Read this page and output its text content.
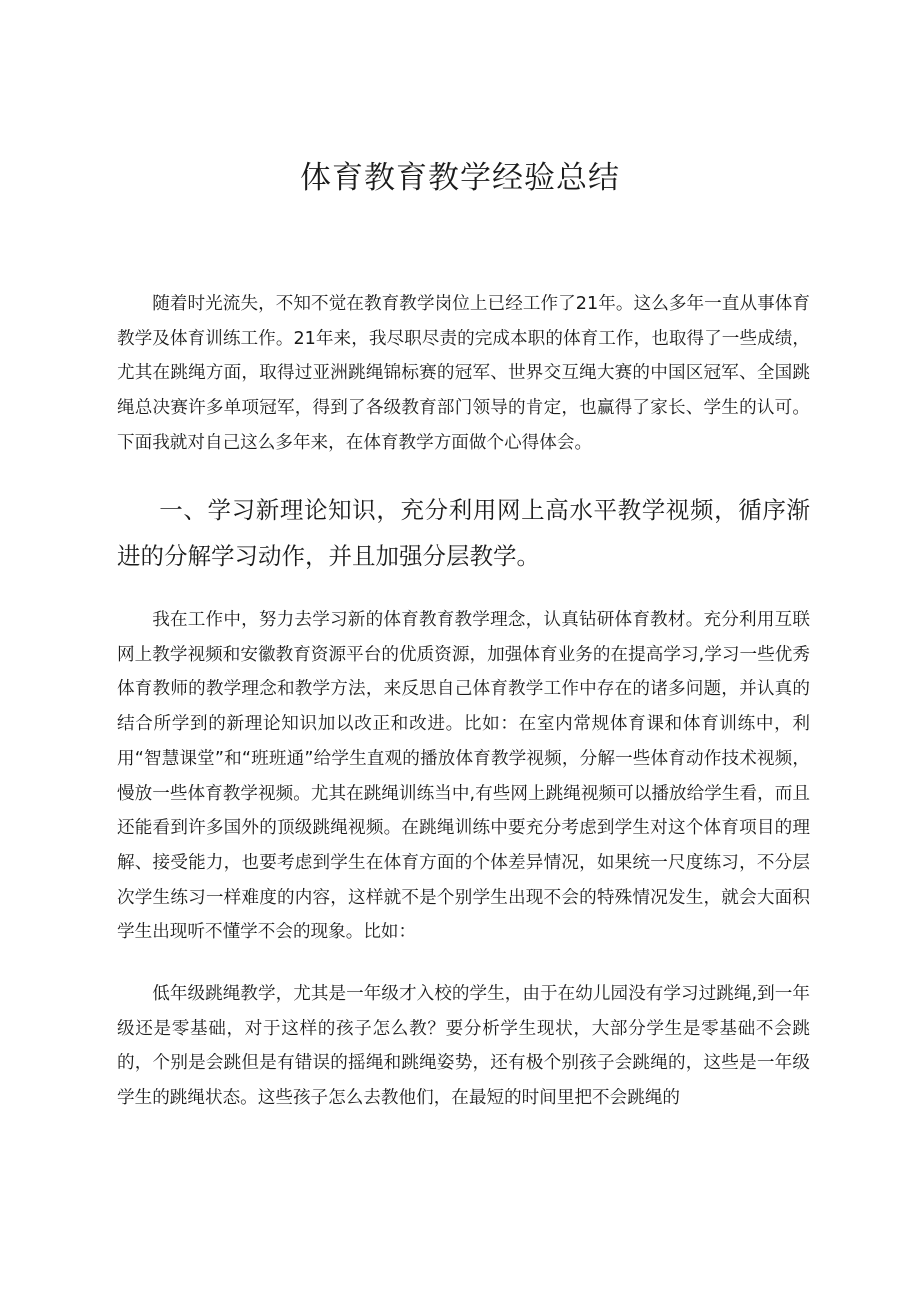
体育教育教学经验总结

随着时光流失，不知不觉在教育教学岗位上已经工作了21年。这么多年一直从事体育教学及体育训练工作。21年来，我尽职尽责的完成本职的体育工作，也取得了一些成绩，尤其在跳绳方面，取得过亚洲跳绳锦标赛的冠军、世界交互绳大赛的中国区冠军、全国跳绳总决赛许多单项冠军，得到了各级教育部门领导的肯定，也赢得了家长、学生的认可。下面我就对自己这么多年来，在体育教学方面做个心得体会。

一、学习新理论知识，充分利用网上高水平教学视频，循序渐进的分解学习动作，并且加强分层教学。

我在工作中，努力去学习新的体育教育教学理念，认真钻研体育教材。充分利用互联网上教学视频和安徽教育资源平台的优质资源，加强体育业务的在提高学习,学习一些优秀体育教师的教学理念和教学方法，来反思自己体育教学工作中存在的诸多问题，并认真的结合所学到的新理论知识加以改正和改进。比如：在室内常规体育课和体育训练中，利用“智慧课堂”和“班班通”给学生直观的播放体育教学视频，分解一些体育动作技术视频，慢放一些体育教学视频。尤其在跳绳训练当中,有些网上跳绳视频可以播放给学生看，而且还能看到许多国外的顶级跳绳视频。在跳绳训练中要充分考虑到学生对这个体育项目的理解、接受能力，也要考虑到学生在体育方面的个体差异情况，如果统一尺度练习，不分层次学生练习一样难度的内容，这样就不是个别学生出现不会的特殊情况发生，就会大面积学生出现听不懂学不会的现象。比如：

低年级跳绳教学，尤其是一年级才入校的学生，由于在幼儿园没有学习过跳绳,到一年级还是零基础，对于这样的孩子怎么教？要分析学生现状，大部分学生是零基础不会跳的，个别是会跳但是有错误的摇绳和跳绳姿势，还有极个别孩子会跳绳的，这些是一年级学生的跳绳状态。这些孩子怎么去教他们，在最短的时间里把不会跳绳的
